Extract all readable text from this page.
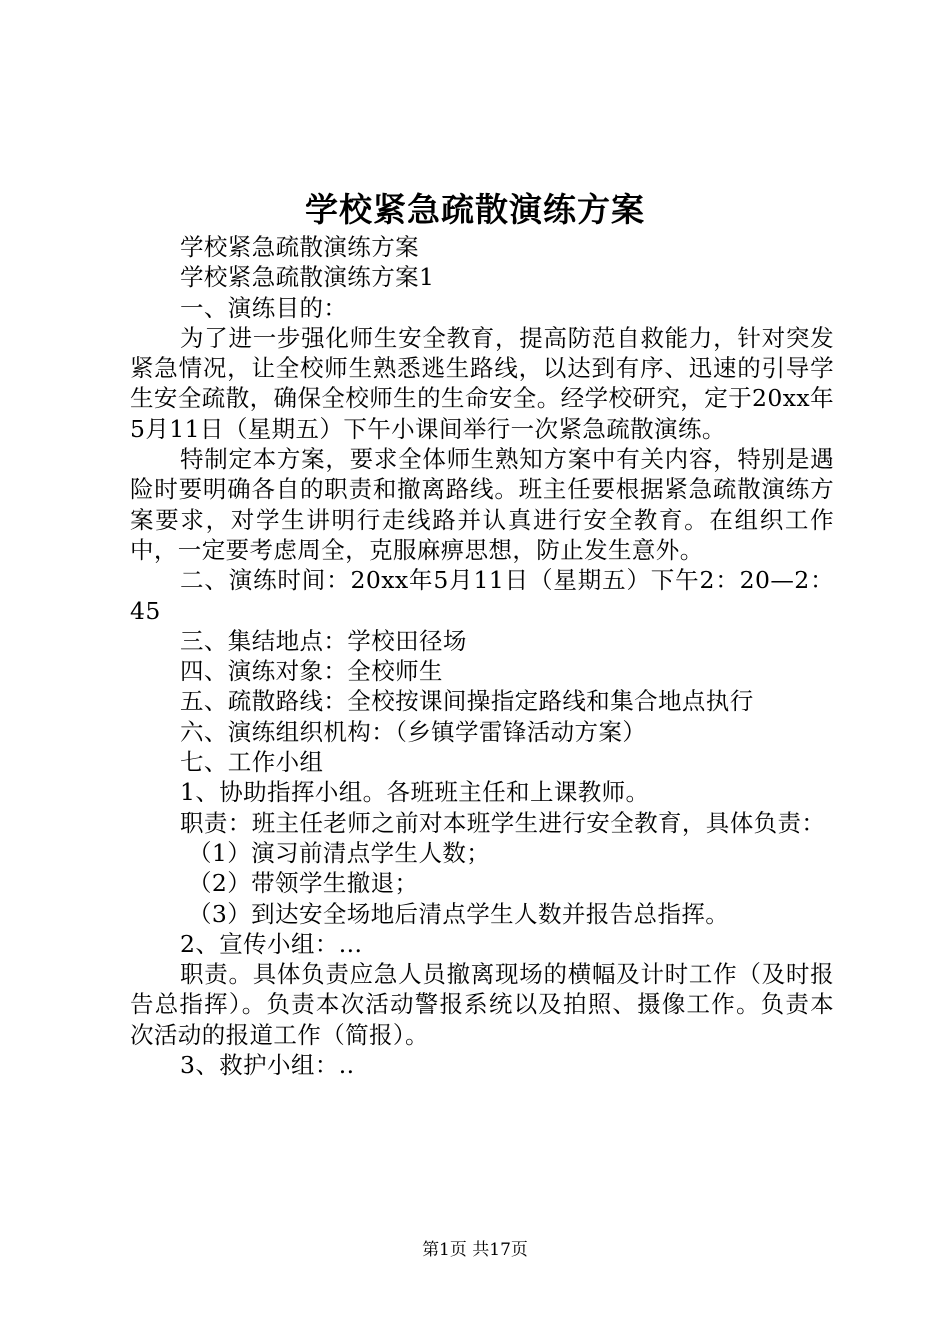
学校紧急疏散演练方案

学校紧急疏散演练方案

学校紧急疏散演练方案1

一、演练目的：

为了进一步强化师生安全教育，提高防范自救能力，针对突发紧急情况，让全校师生熟悉逃生路线，以达到有序、迅速的引导学生安全疏散，确保全校师生的生命安全。经学校研究，定于20xx年5月11日（星期五）下午小课间举行一次紧急疏散演练。

特制定本方案，要求全体师生熟知方案中有关内容，特别是遇险时要明确各自的职责和撤离路线。班主任要根据紧急疏散演练方案要求，对学生讲明行走线路并认真进行安全教育。在组织工作中，一定要考虑周全，克服麻痹思想，防止发生意外。

二、演练时间：20xx年5月11日（星期五）下午2：20—2：45

三、集结地点：学校田径场

四、演练对象：全校师生

五、疏散路线：全校按课间操指定路线和集合地点执行

六、演练组织机构：（乡镇学雷锋活动方案）

七、工作小组

1、协助指挥小组。各班班主任和上课教师。

职责：班主任老师之前对本班学生进行安全教育，具体负责：

（1）演习前清点学生人数；

（2）带领学生撤退；

（3）到达安全场地后清点学生人数并报告总指挥。

2、宣传小组：...

职责。具体负责应急人员撤离现场的横幅及计时工作（及时报告总指挥）。负责本次活动警报系统以及拍照、摄像工作。负责本次活动的报道工作（简报）。

3、救护小组：..

第1页 共17页
